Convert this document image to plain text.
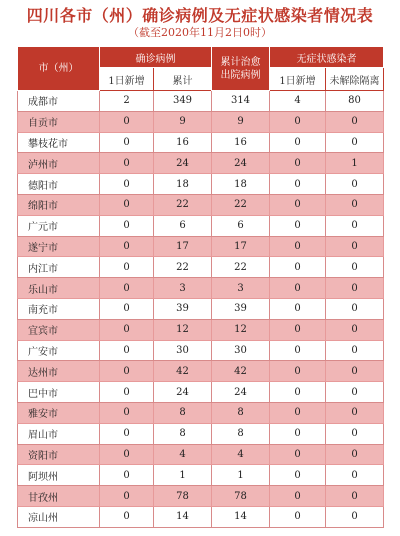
四川各市（州）确诊病例及无症状感染者情况表
（截至2020年11月2日0时）
市（州）	确诊病例		累计治愈出院病例	无症状感染者	
	1日新增	累计		1日新增	未解除隔离
成都市	2	349	314	4	80
自贡市	0	9	9	0	0
攀枝花市	0	16	16	0	0
泸州市	0	24	24	0	1
德阳市	0	18	18	0	0
绵阳市	0	22	22	0	0
广元市	0	6	6	0	0
遂宁市	0	17	17	0	0
内江市	0	22	22	0	0
乐山市	0	3	3	0	0
南充市	0	39	39	0	0
宜宾市	0	12	12	0	0
广安市	0	30	30	0	0
达州市	0	42	42	0	0
巴中市	0	24	24	0	0
雅安市	0	8	8	0	0
眉山市	0	8	8	0	0
资阳市	0	4	4	0	0
阿坝州	0	1	1	0	0
甘孜州	0	78	78	0	0
凉山州	0	14	14	0	0
